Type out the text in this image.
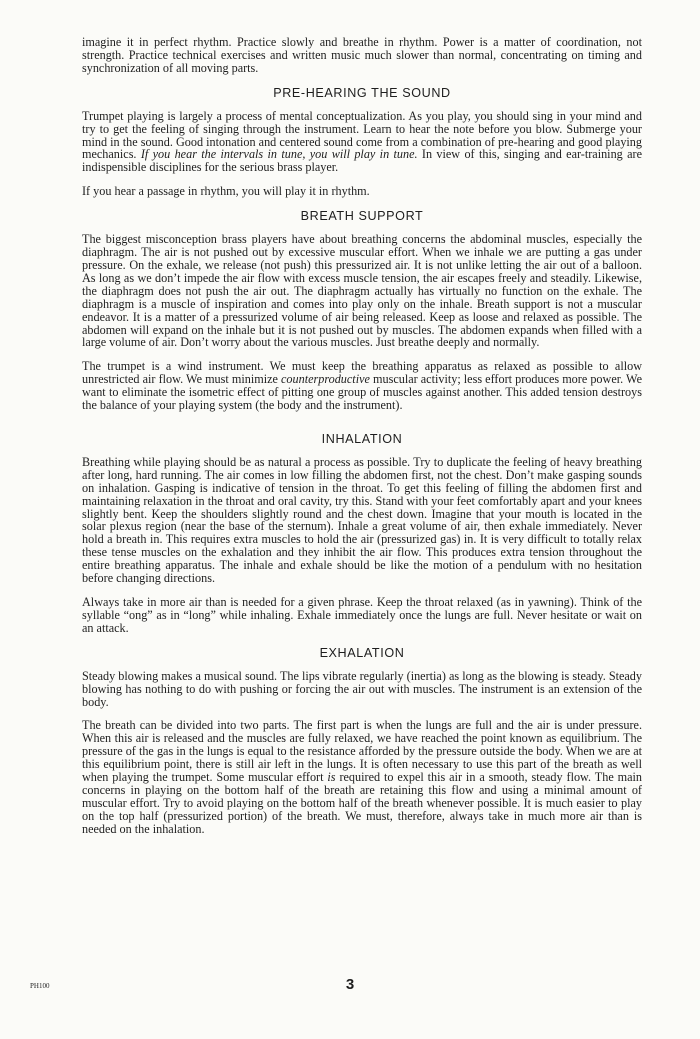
imagine it in perfect rhythm. Practice slowly and breathe in rhythm. Power is a matter of coordination, not strength. Practice technical exercises and written music much slower than normal, concentrating on timing and synchronization of all moving parts.

PRE-HEARING THE SOUND

Trumpet playing is largely a process of mental conceptualization. As you play, you should sing in your mind and try to get the feeling of singing through the instrument. Learn to hear the note before you blow. Submerge your mind in the sound. Good intonation and centered sound come from a combination of pre-hearing and good playing mechanics. If you hear the intervals in tune, you will play in tune. In view of this, singing and ear-training are indispensible disciplines for the serious brass player.

If you hear a passage in rhythm, you will play it in rhythm.

BREATH SUPPORT

The biggest misconception brass players have about breathing concerns the abdominal muscles, especially the diaphragm. The air is not pushed out by excessive muscular effort. When we inhale we are putting a gas under pressure. On the exhale, we release (not push) this pressurized air. It is not unlike letting the air out of a balloon. As long as we don’t impede the air flow with excess muscle tension, the air escapes freely and steadily. Likewise, the diaphragm does not push the air out. The diaphragm actually has virtually no function on the exhale. The diaphragm is a muscle of inspiration and comes into play only on the inhale. Breath support is not a muscular endeavor. It is a matter of a pressurized volume of air being released. Keep as loose and relaxed as possible. The abdomen will expand on the inhale but it is not pushed out by muscles. The abdomen expands when filled with a large volume of air. Don’t worry about the various muscles. Just breathe deeply and normally.

The trumpet is a wind instrument. We must keep the breathing apparatus as relaxed as possible to allow unrestricted air flow. We must minimize counterproductive muscular activity; less effort produces more power. We want to eliminate the isometric effect of pitting one group of muscles against another. This added tension destroys the balance of your playing system (the body and the instrument).

INHALATION

Breathing while playing should be as natural a process as possible. Try to duplicate the feeling of heavy breathing after long, hard running. The air comes in low filling the abdomen first, not the chest. Don’t make gasping sounds on inhalation. Gasping is indicative of tension in the throat. To get this feeling of filling the abdomen first and maintaining relaxation in the throat and oral cavity, try this. Stand with your feet comfortably apart and your knees slightly bent. Keep the shoulders slightly round and the chest down. Imagine that your mouth is located in the solar plexus region (near the base of the sternum). Inhale a great volume of air, then exhale immediately. Never hold a breath in. This requires extra muscles to hold the air (pressurized gas) in. It is very difficult to totally relax these tense muscles on the exhalation and they inhibit the air flow. This produces extra tension throughout the entire breathing apparatus. The inhale and exhale should be like the motion of a pendulum with no hesitation before changing directions.

Always take in more air than is needed for a given phrase. Keep the throat relaxed (as in yawning). Think of the syllable “ong” as in “long” while inhaling. Exhale immediately once the lungs are full. Never hesitate or wait on an attack.

EXHALATION

Steady blowing makes a musical sound. The lips vibrate regularly (inertia) as long as the blowing is steady. Steady blowing has nothing to do with pushing or forcing the air out with muscles. The instrument is an extension of the body.

The breath can be divided into two parts. The first part is when the lungs are full and the air is under pressure. When this air is released and the muscles are fully relaxed, we have reached the point known as equilibrium. The pressure of the gas in the lungs is equal to the resistance afforded by the pressure outside the body. When we are at this equilibrium point, there is still air left in the lungs. It is often necessary to use this part of the breath as well when playing the trumpet. Some muscular effort is required to expel this air in a smooth, steady flow. The main concerns in playing on the bottom half of the breath are retaining this flow and using a minimal amount of muscular effort. Try to avoid playing on the bottom half of the breath whenever possible. It is much easier to play on the top half (pressurized portion) of the breath. We must, therefore, always take in much more air than is needed on the inhalation.

PH100	3
